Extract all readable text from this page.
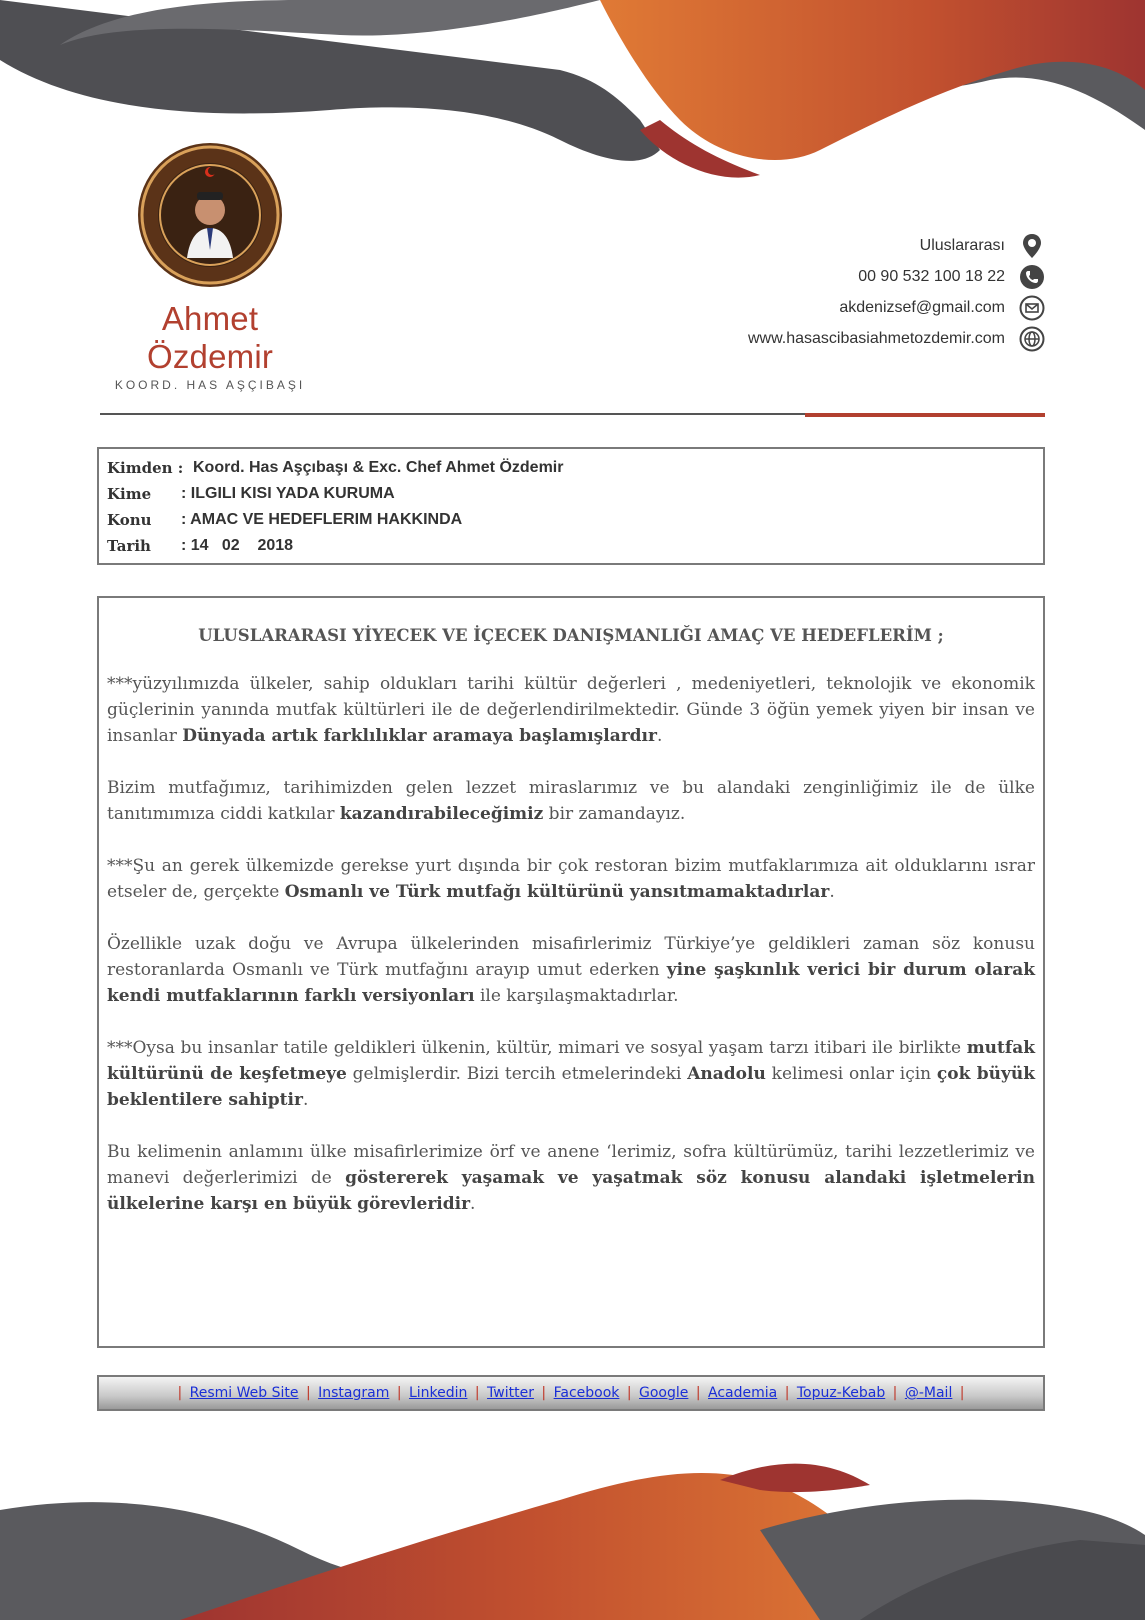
Ahmet Özdemir
KOORD. HAS AŞÇIBAŞI
Uluslararası
00 90 532 100 18 22
akdenizsef@gmail.com
www.hasascibasiahmetozdemir.com
Kimden : Koord. Has Aşçıbaşı & Exc. Chef Ahmet Özdemir
Kime	: ILGILI KISI YADA KURUMA
Konu	: AMAC VE HEDEFLERIM HAKKINDA
Tarih	: 14   02    2018
ULUSLARARASI YİYECEK VE İÇECEK DANIŞMANLIĞI AMAÇ VE HEDEFLERİM ;

***yüzyılımızda ülkeler, sahip oldukları tarihi kültür değerleri , medeniyetleri, teknolojik ve ekonomik güçlerinin yanında mutfak kültürleri ile de değerlendirilmektedir. Günde 3 öğün yemek yiyen bir insan ve insanlar Dünyada artık farklılıklar aramaya başlamışlardır.

Bizim mutfağımız, tarihimizden gelen lezzet miraslarımız ve bu alandaki zenginliğimiz ile de ülke tanıtımımıza ciddi katkılar kazandırabileceğimiz bir zamandayız.

***Şu an gerek ülkemizde gerekse yurt dışında bir çok restoran bizim mutfaklarımıza ait olduklarını ısrar etseler de, gerçekte Osmanlı ve Türk mutfağı kültürünü yansıtmamaktadırlar.

Özellikle uzak doğu ve Avrupa ülkelerinden misafirlerimiz Türkiye’ye geldikleri zaman söz konusu restoranlarda Osmanlı ve Türk mutfağını arayıp umut ederken yine şaşkınlık verici bir durum olarak kendi mutfaklarının farklı versiyonları ile karşılaşmaktadırlar.

***Oysa bu insanlar tatile geldikleri ülkenin, kültür, mimari ve sosyal yaşam tarzı itibari ile birlikte mutfak kültürünü de keşfetmeye gelmişlerdir. Bizi tercih etmelerindeki Anadolu kelimesi onlar için çok büyük beklentilere sahiptir.

Bu kelimenin anlamını ülke misafirlerimize örf ve anene ‘lerimiz, sofra kültürümüz, tarihi lezzetlerimiz ve manevi değerlerimizi de göstererek yaşamak ve yaşatmak söz konusu alandaki işletmelerin ülkelerine karşı en büyük görevleridir.

| Resmi Web Site | Instagram | Linkedin | Twitter | Facebook | Google | Academia | Topuz-Kebab | @-Mail |
